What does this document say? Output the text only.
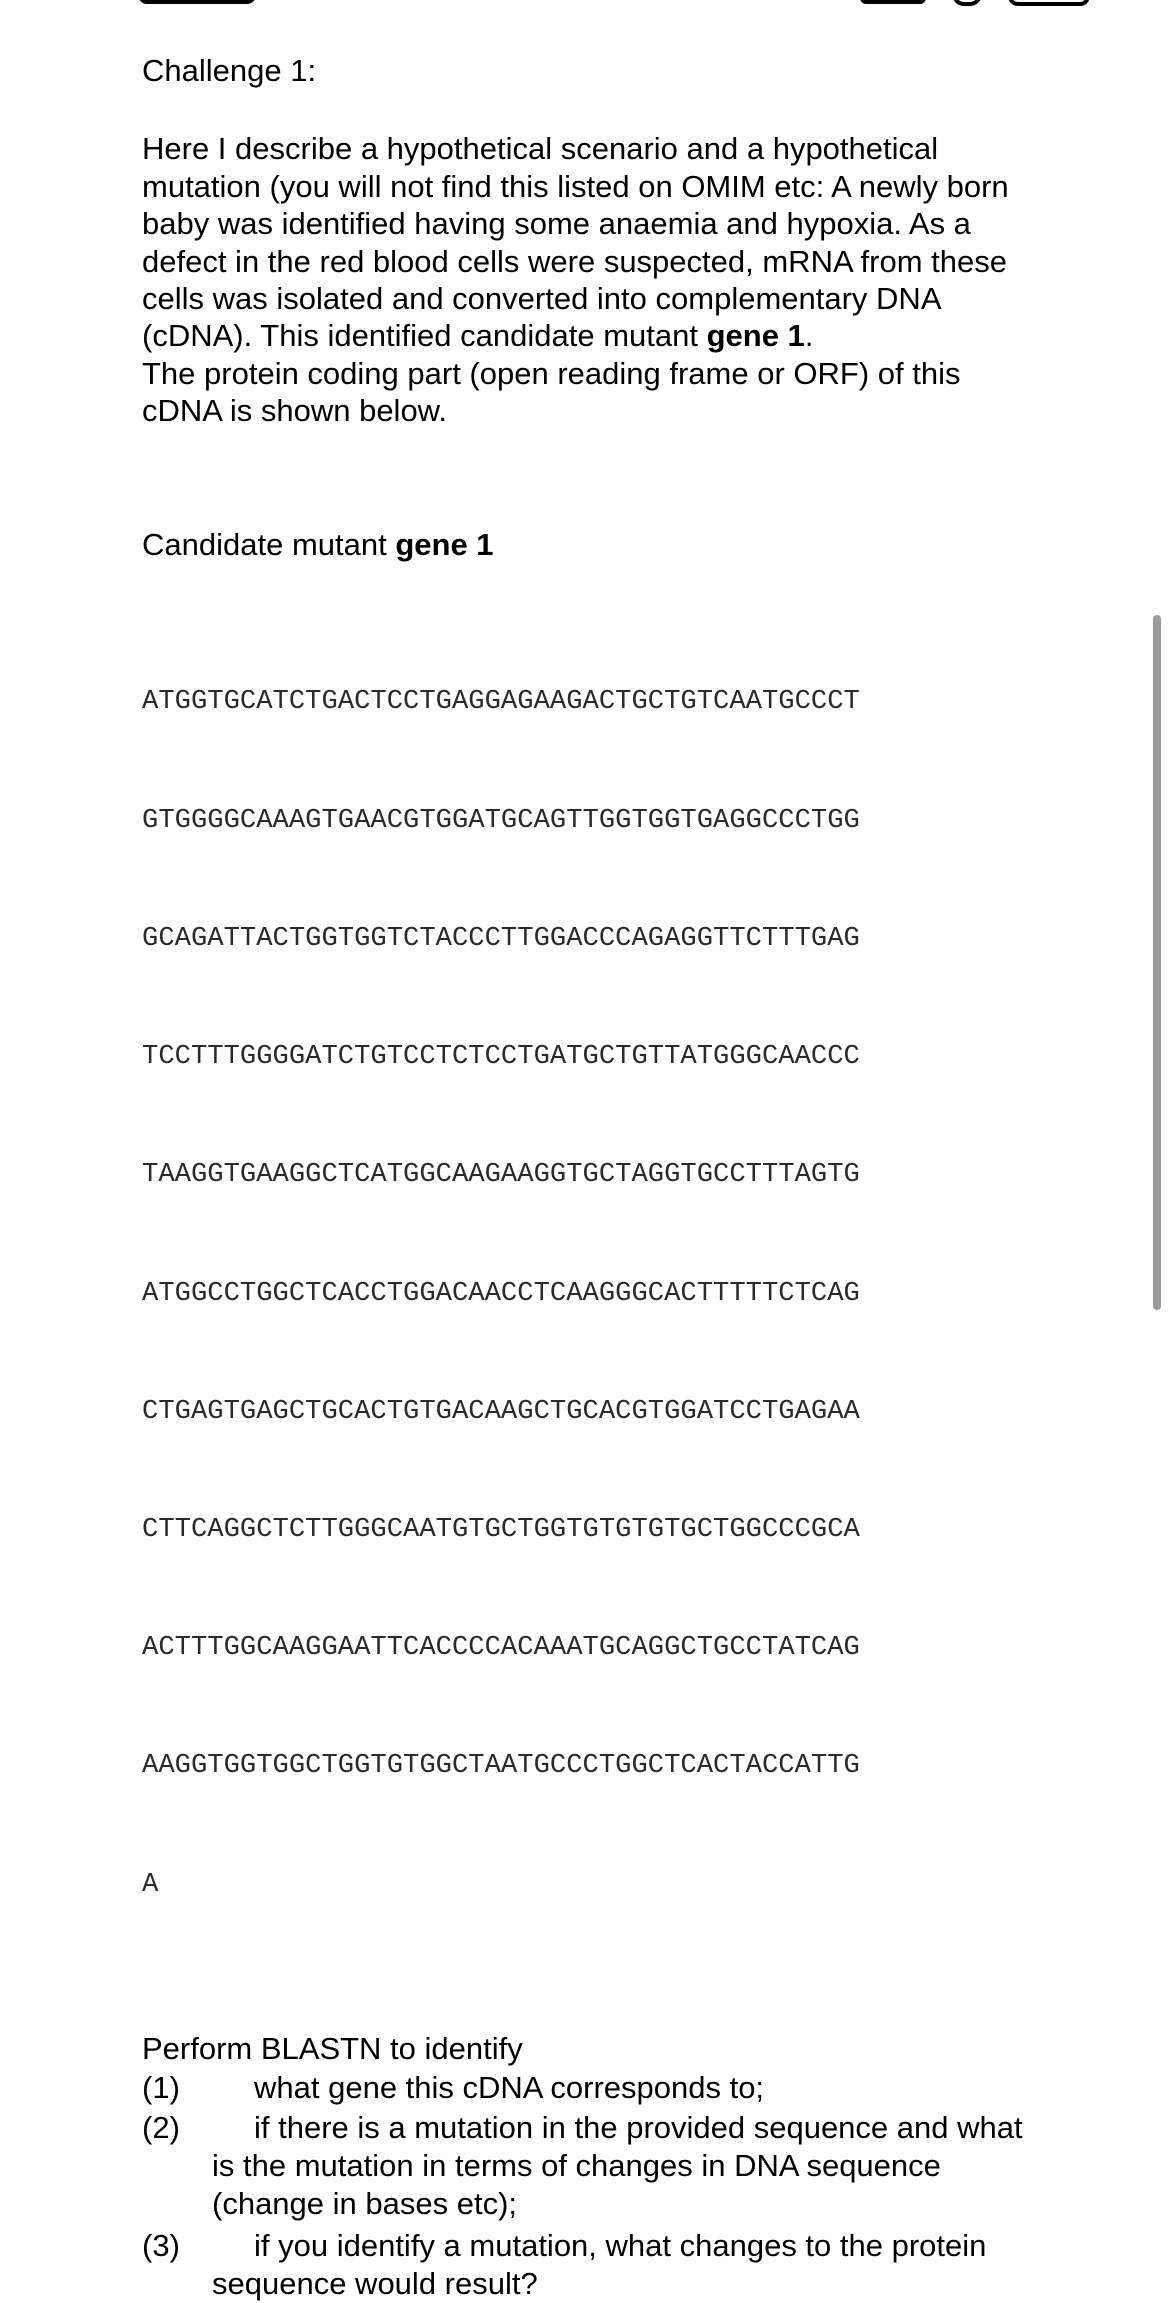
Challenge 1:

Here I describe a hypothetical scenario and a hypothetical mutation (you will not find this listed on OMIM etc: A newly born baby was identified having some anaemia and hypoxia. As a defect in the red blood cells were suspected, mRNA from these cells was isolated and converted into complementary DNA (cDNA). This identified candidate mutant gene 1.

The protein coding part (open reading frame or ORF) of this cDNA is shown below.

Candidate mutant gene 1

ATGGTGCATCTGACTCCTGAGGAGAAGACTGCTGTCAATGCCCT

GTGGGGCAAAGTGAACGTGGATGCAGTTGGTGGTGAGGCCCTGG

GCAGATTACTGGTGGTCTACCCTTGGACCCAGAGGTTCTTTGAG

TCCTTTGGGGATCTGTCCTCTCCTGATGCTGTTATGGGCAACCC

TAAGGTGAAGGCTCATGGCAAGAAGGTGCTAGGTGCCTTTAGTG

ATGGCCTGGCTCACCTGGACAACCTCAAGGGCACTTTTTCTCAG

CTGAGTGAGCTGCACTGTGACAAGCTGCACGTGGATCCTGAGAA

CTTCAGGCTCTTGGGCAATGTGCTGGTGTGTGTGCTGGCCCGCA

ACTTTGGCAAGGAATTCACCCCACAAATGCAGGCTGCCTATCAG

AAGGTGGTGGCTGGTGTGGCTAATGCCCTGGCTCACTACCATTG

A

Perform BLASTN to identify
(1)	what gene this cDNA corresponds to;
(2)	if there is a mutation in the provided sequence and what is the mutation in terms of changes in DNA sequence (change in bases etc);
(3)	if you identify a mutation, what changes to the protein sequence would result?
